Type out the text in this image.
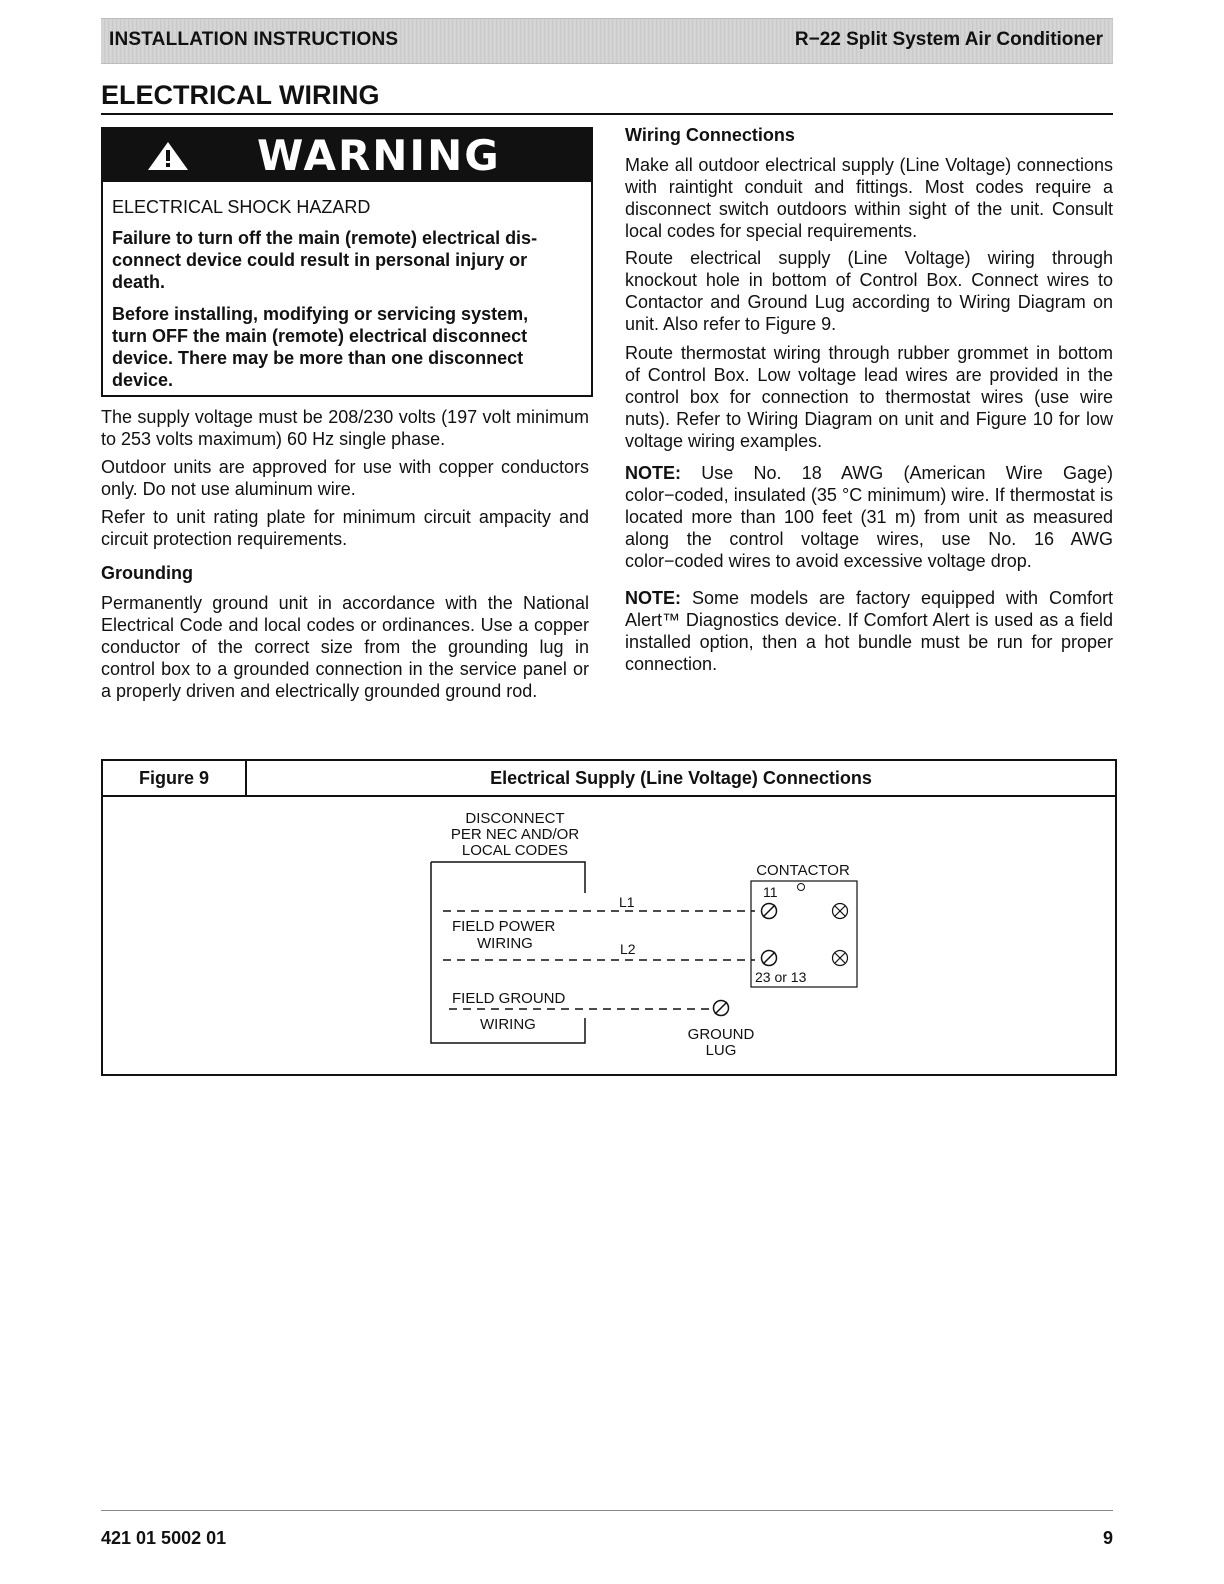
INSTALLATION INSTRUCTIONS	R−22 Split System Air Conditioner
ELECTRICAL WIRING
WARNING
ELECTRICAL SHOCK HAZARD
Failure to turn off the main (remote) electrical dis-
connect device could result in personal injury or
death.
Before installing, modifying or servicing system,
turn OFF the main (remote) electrical disconnect
device. There may be more than one disconnect
device.
The supply voltage must be 208/230 volts (197 volt minimum to 253 volts maximum) 60 Hz single phase.
Outdoor units are approved for use with copper conductors only. Do not use aluminum wire.
Refer to unit rating plate for minimum circuit ampacity and circuit protection requirements.
Grounding
Permanently ground unit in accordance with the National Electrical Code and local codes or ordinances. Use a copper conductor of the correct size from the grounding lug in control box to a grounded connection in the service panel or a properly driven and electrically grounded ground rod.
Wiring Connections
Make all outdoor electrical supply (Line Voltage) connections with raintight conduit and fittings. Most codes require a disconnect switch outdoors within sight of the unit. Consult local codes for special requirements.
Route electrical supply (Line Voltage) wiring through knockout hole in bottom of Control Box. Connect wires to Contactor and Ground Lug according to Wiring Diagram on unit. Also refer to Figure 9.
Route thermostat wiring through rubber grommet in bottom of Control Box. Low voltage lead wires are provided in the control box for connection to thermostat wires (use wire nuts). Refer to Wiring Diagram on unit and Figure 10 for low voltage wiring examples.
NOTE: Use No. 18 AWG (American Wire Gage) color−coded, insulated (35 °C minimum) wire. If thermostat is located more than 100 feet (31 m) from unit as measured along the control voltage wires, use No. 16 AWG color−coded wires to avoid excessive voltage drop.
NOTE: Some models are factory equipped with Comfort Alert™ Diagnostics device. If Comfort Alert is used as a field installed option, then a hot bundle must be run for proper connection.
Figure 9	Electrical Supply (Line Voltage) Connections
DISCONNECT
PER NEC AND/OR
LOCAL CODES
CONTACTOR
11
23 or 13
L1
FIELD POWER
WIRING	L2
FIELD GROUND
WIRING
GROUND
LUG
421 01 5002 01	9
